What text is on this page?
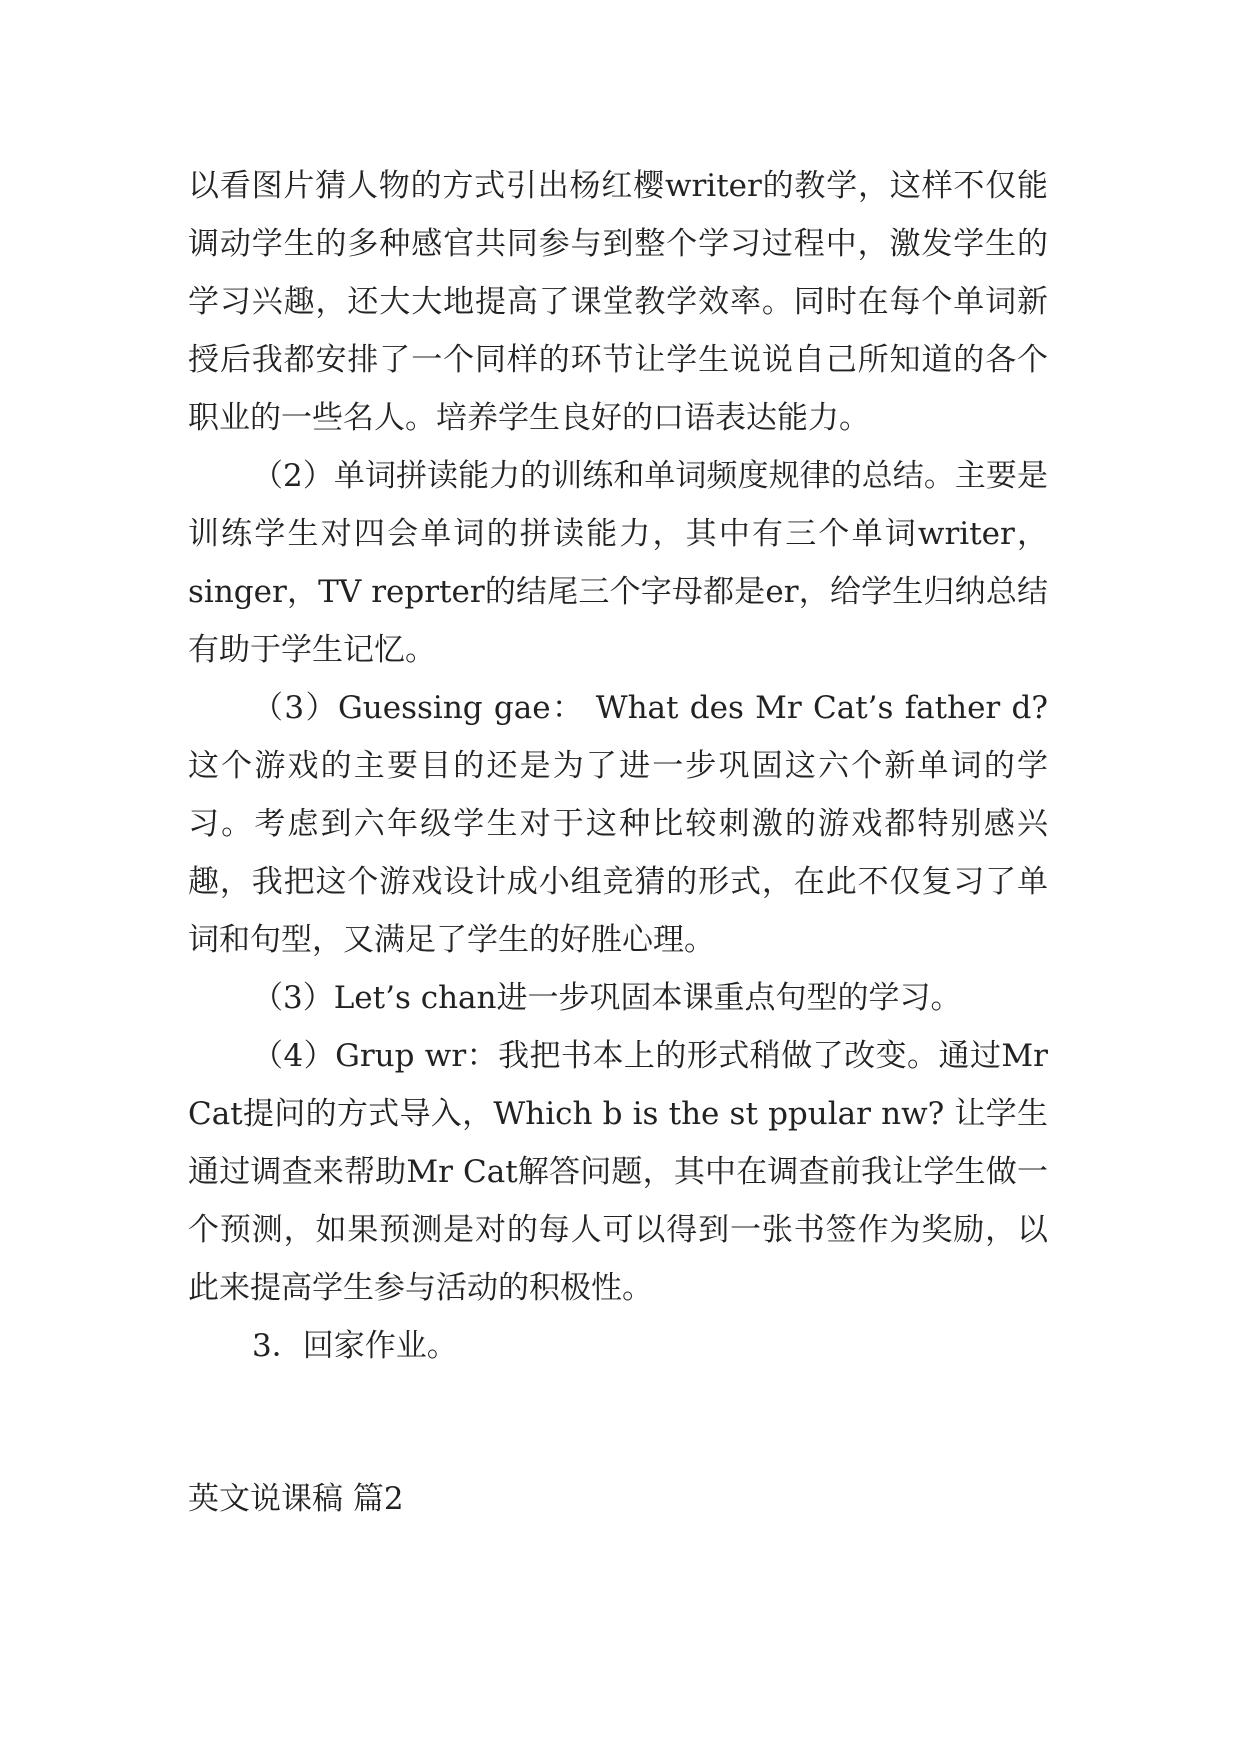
以看图片猜人物的方式引出杨红樱writer的教学，这样不仅能调动学生的多种感官共同参与到整个学习过程中，激发学生的学习兴趣，还大大地提高了课堂教学效率。同时在每个单词新授后我都安排了一个同样的环节让学生说说自己所知道的各个职业的一些名人。培养学生良好的口语表达能力。

（2）单词拼读能力的训练和单词频度规律的总结。主要是训练学生对四会单词的拼读能力，其中有三个单词writer， singer，TV reprter的结尾三个字母都是er，给学生归纳总结有助于学生记忆。

（3）Guessing gae： What des Mr Cat’s father d?这个游戏的主要目的还是为了进一步巩固这六个新单词的学习。考虑到六年级学生对于这种比较刺激的游戏都特别感兴趣，我把这个游戏设计成小组竞猜的形式，在此不仅复习了单词和句型，又满足了学生的好胜心理。

（3）Let’s chan进一步巩固本课重点句型的学习。

（4）Grup wr：我把书本上的形式稍做了改变。通过Mr Cat提问的方式导入，Which b is the st ppular nw? 让学生通过调查来帮助Mr Cat解答问题，其中在调查前我让学生做一个预测，如果预测是对的每人可以得到一张书签作为奖励，以此来提高学生参与活动的积极性。

3．回家作业。

英文说课稿 篇2
